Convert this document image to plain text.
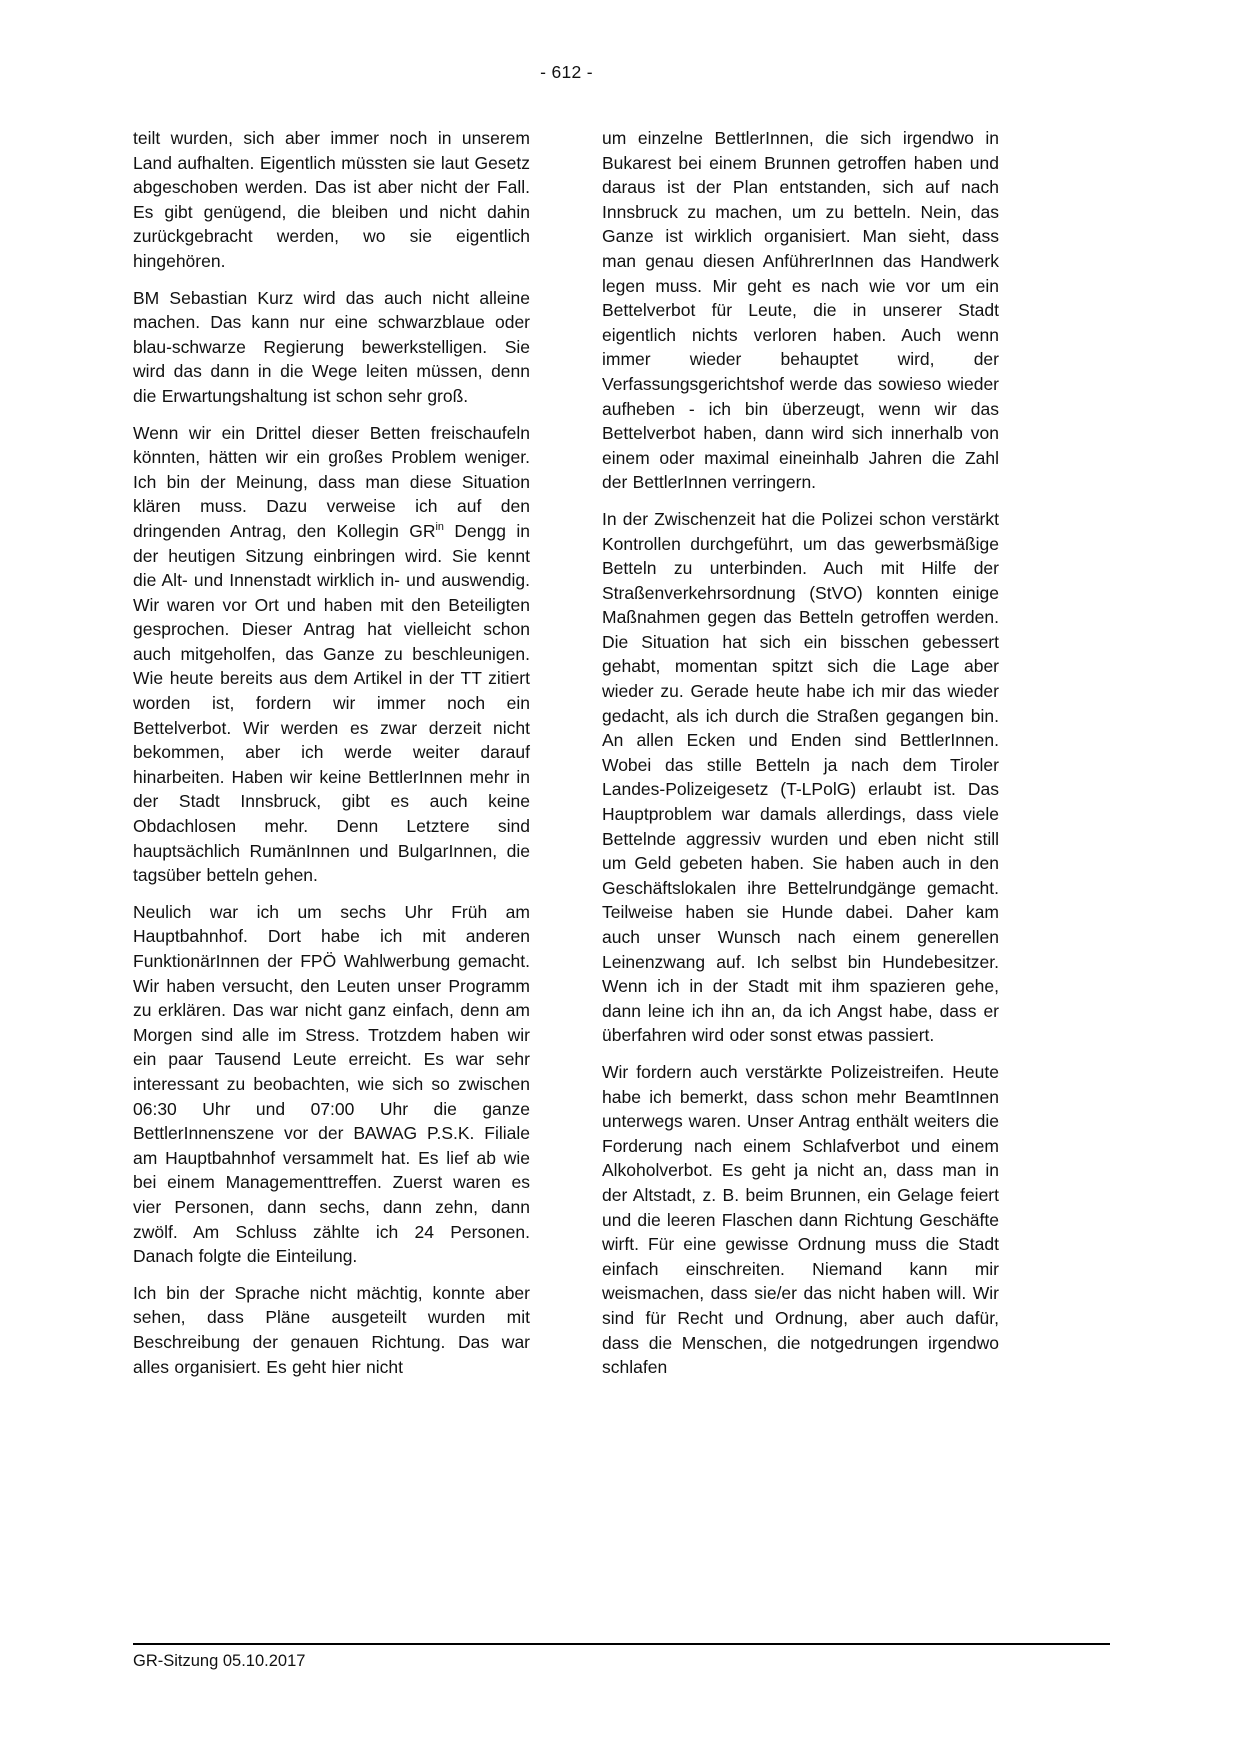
- 612 -

teilt wurden, sich aber immer noch in unserem Land aufhalten. Eigentlich müssten sie laut Gesetz abgeschoben werden. Das ist aber nicht der Fall. Es gibt genügend, die bleiben und nicht dahin zurückgebracht werden, wo sie eigentlich hingehören.

BM Sebastian Kurz wird das auch nicht alleine machen. Das kann nur eine schwarzblaue oder blau-schwarze Regierung bewerkstelligen. Sie wird das dann in die Wege leiten müssen, denn die Erwartungshaltung ist schon sehr groß.

Wenn wir ein Drittel dieser Betten freischaufeln könnten, hätten wir ein großes Problem weniger. Ich bin der Meinung, dass man diese Situation klären muss. Dazu verweise ich auf den dringenden Antrag, den Kollegin $GR^{in}$ Dengg in der heutigen Sitzung einbringen wird. Sie kennt die Alt- und Innenstadt wirklich in- und auswendig. Wir waren vor Ort und haben mit den Beteiligten gesprochen. Dieser Antrag hat vielleicht schon auch mitgeholfen, das Ganze zu beschleunigen. Wie heute bereits aus dem Artikel in der TT zitiert worden ist, fordern wir immer noch ein Bettelverbot. Wir werden es zwar derzeit nicht bekommen, aber ich werde weiter darauf hinarbeiten. Haben wir keine BettlerInnen mehr in der Stadt Innsbruck, gibt es auch keine Obdachlosen mehr. Denn Letztere sind hauptsächlich RumänInnen und BulgarInnen, die tagsüber betteln gehen.

Neulich war ich um sechs Uhr Früh am Hauptbahnhof. Dort habe ich mit anderen FunktionärInnen der FPÖ Wahlwerbung gemacht. Wir haben versucht, den Leuten unser Programm zu erklären. Das war nicht ganz einfach, denn am Morgen sind alle im Stress. Trotzdem haben wir ein paar Tausend Leute erreicht. Es war sehr interessant zu beobachten, wie sich so zwischen 06:30 Uhr und 07:00 Uhr die ganze BettlerInnenszene vor der BAWAG P.S.K. Filiale am Hauptbahnhof versammelt hat. Es lief ab wie bei einem Managementtreffen. Zuerst waren es vier Personen, dann sechs, dann zehn, dann zwölf. Am Schluss zählte ich 24 Personen. Danach folgte die Einteilung.

Ich bin der Sprache nicht mächtig, konnte aber sehen, dass Pläne ausgeteilt wurden mit Beschreibung der genauen Richtung. Das war alles organisiert. Es geht hier nicht

um einzelne BettlerInnen, die sich irgendwo in Bukarest bei einem Brunnen getroffen haben und daraus ist der Plan entstanden, sich auf nach Innsbruck zu machen, um zu betteln. Nein, das Ganze ist wirklich organisiert. Man sieht, dass man genau diesen AnführerInnen das Handwerk legen muss. Mir geht es nach wie vor um ein Bettelverbot für Leute, die in unserer Stadt eigentlich nichts verloren haben. Auch wenn immer wieder behauptet wird, der Verfassungsgerichtshof werde das sowieso wieder aufheben - ich bin überzeugt, wenn wir das Bettelverbot haben, dann wird sich innerhalb von einem oder maximal eineinhalb Jahren die Zahl der BettlerInnen verringern.

In der Zwischenzeit hat die Polizei schon verstärkt Kontrollen durchgeführt, um das gewerbsmäßige Betteln zu unterbinden. Auch mit Hilfe der Straßenverkehrsordnung (StVO) konnten einige Maßnahmen gegen das Betteln getroffen werden. Die Situation hat sich ein bisschen gebessert gehabt, momentan spitzt sich die Lage aber wieder zu. Gerade heute habe ich mir das wieder gedacht, als ich durch die Straßen gegangen bin. An allen Ecken und Enden sind BettlerInnen. Wobei das stille Betteln ja nach dem Tiroler Landes-Polizeigesetz (T-LPolG) erlaubt ist. Das Hauptproblem war damals allerdings, dass viele Bettelnde aggressiv wurden und eben nicht still um Geld gebeten haben. Sie haben auch in den Geschäftslokalen ihre Bettelrundgänge gemacht. Teilweise haben sie Hunde dabei. Daher kam auch unser Wunsch nach einem generellen Leinenzwang auf. Ich selbst bin Hundebesitzer. Wenn ich in der Stadt mit ihm spazieren gehe, dann leine ich ihn an, da ich Angst habe, dass er überfahren wird oder sonst etwas passiert.

Wir fordern auch verstärkte Polizeistreifen. Heute habe ich bemerkt, dass schon mehr BeamtInnen unterwegs waren. Unser Antrag enthält weiters die Forderung nach einem Schlafverbot und einem Alkoholverbot. Es geht ja nicht an, dass man in der Altstadt, z. B. beim Brunnen, ein Gelage feiert und die leeren Flaschen dann Richtung Geschäfte wirft. Für eine gewisse Ordnung muss die Stadt einfach einschreiten. Niemand kann mir weismachen, dass sie/er das nicht haben will. Wir sind für Recht und Ordnung, aber auch dafür, dass die Menschen, die notgedrungen irgendwo schlafen

GR-Sitzung 05.10.2017
